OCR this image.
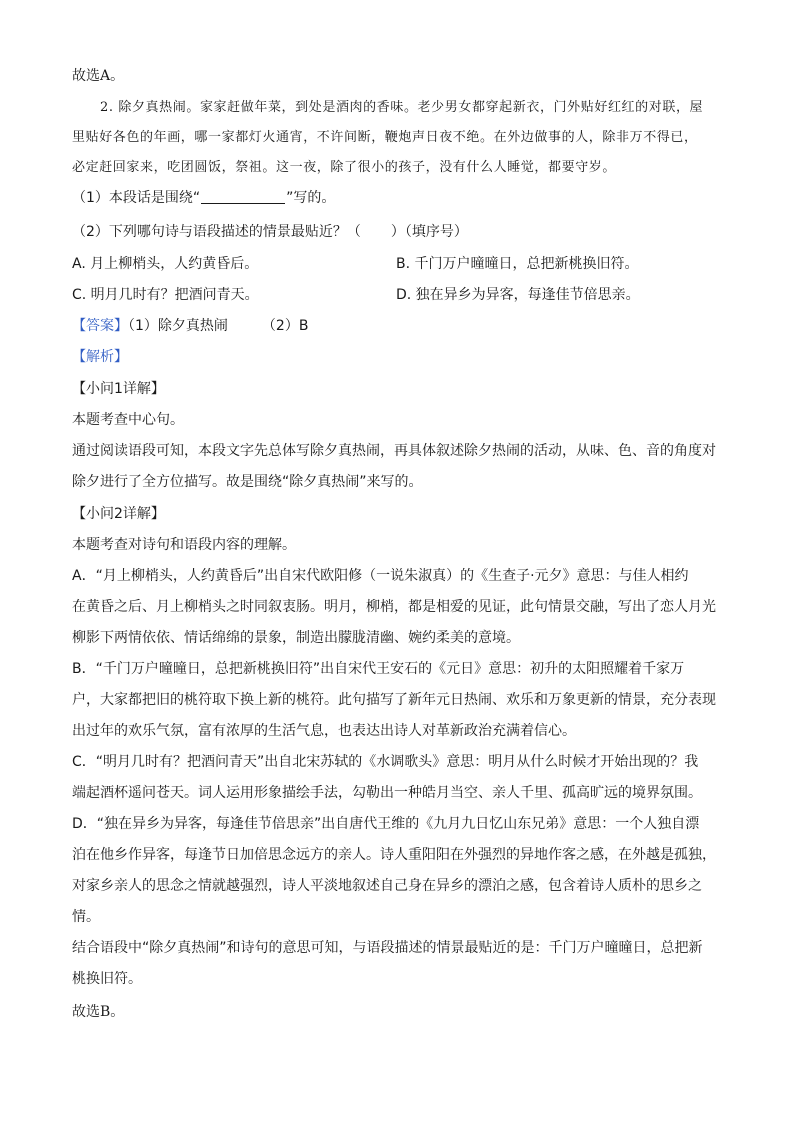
故选A。
2. 除夕真热闹。家家赶做年菜，到处是酒肉的香味。老少男女都穿起新衣，门外贴好红红的对联，屋
里贴好各色的年画，哪一家都灯火通宵，不许间断，鞭炮声日夜不绝。在外边做事的人，除非万不得已，
必定赶回家来，吃团圆饭，祭祖。这一夜，除了很小的孩子，没有什么人睡觉，都要守岁。
（1）本段话是围绕“	”写的。
（2）下列哪句诗与语段描述的情景最贴近？（ ）（填序号）
A. 月上柳梢头，人约黄昏后。	B. 千门万户曈曈日，总把新桃换旧符。
C. 明月几时有？把酒问青天。	D. 独在异乡为异客，每逢佳节倍思亲。
【答案】（1）除夕真热闹 （2）B
【解析】
【小问1详解】
本题考查中心句。
通过阅读语段可知，本段文字先总体写除夕真热闹，再具体叙述除夕热闹的活动，从味、色、音的角度对
除夕进行了全方位描写。故是围绕“除夕真热闹”来写的。
【小问2详解】
本题考查对诗句和语段内容的理解。
A．“月上柳梢头，人约黄昏后”出自宋代欧阳修（一说朱淑真）的《生查子·元夕》意思：与佳人相约
在黄昏之后、月上柳梢头之时同叙衷肠。明月，柳梢，都是相爱的见证，此句情景交融，写出了恋人月光
柳影下两情依依、情话绵绵的景象，制造出朦胧清幽、婉约柔美的意境。
B．“千门万户曈曈日，总把新桃换旧符”出自宋代王安石的《元日》意思：初升的太阳照耀着千家万
户，大家都把旧的桃符取下换上新的桃符。此句描写了新年元日热闹、欢乐和万象更新的情景，充分表现
出过年的欢乐气氛，富有浓厚的生活气息，也表达出诗人对革新政治充满着信心。
C．“明月几时有？把酒问青天”出自北宋苏轼的《水调歌头》意思：明月从什么时候才开始出现的？我
端起酒杯遥问苍天。词人运用形象描绘手法，勾勒出一种皓月当空、亲人千里、孤高旷远的境界氛围。
D．“独在异乡为异客，每逢佳节倍思亲”出自唐代王维的《九月九日忆山东兄弟》意思：一个人独自漂
泊在他乡作异客，每逢节日加倍思念远方的亲人。诗人重阳阳在外强烈的异地作客之感，在外越是孤独，
对家乡亲人的思念之情就越强烈，诗人平淡地叙述自己身在异乡的漂泊之感，包含着诗人质朴的思乡之
情。
结合语段中“除夕真热闹”和诗句的意思可知，与语段描述的情景最贴近的是：千门万户曈曈日，总把新
桃换旧符。
故选B。
